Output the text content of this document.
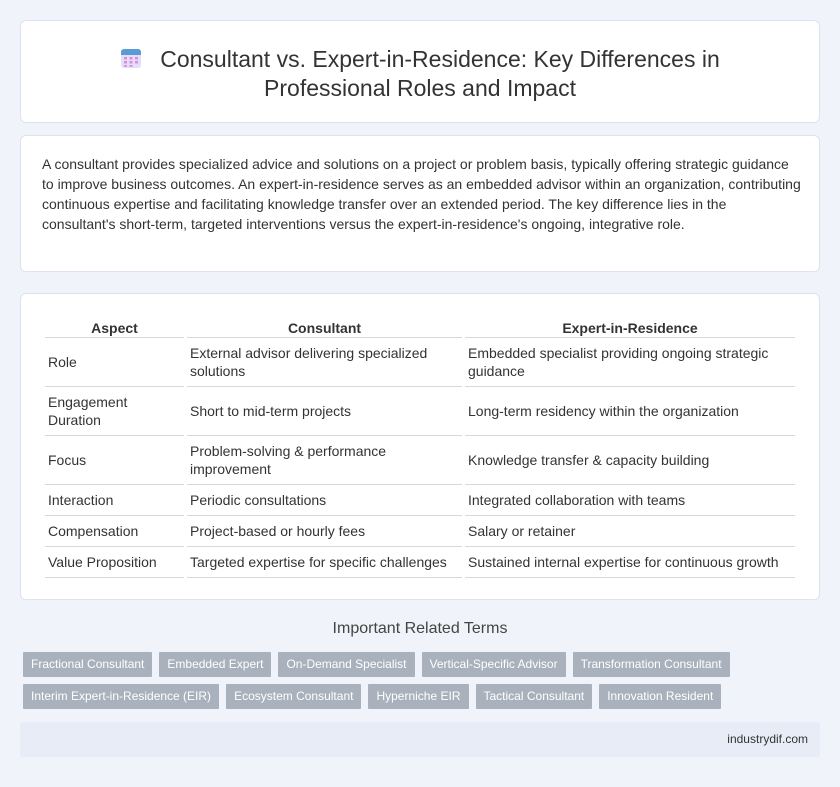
Consultant vs. Expert-in-Residence: Key Differences in
Professional Roles and Impact

A consultant provides specialized advice and solutions on a project or problem basis, typically offering strategic guidance to improve business outcomes. An expert-in-residence serves as an embedded advisor within an organization, contributing continuous expertise and facilitating knowledge transfer over an extended period. The key difference lies in the consultant's short-term, targeted interventions versus the expert-in-residence's ongoing, integrative role.

Aspect	Consultant	Expert-in-Residence
Role	External advisor delivering specialized solutions	Embedded specialist providing ongoing strategic guidance
Engagement Duration	Short to mid-term projects	Long-term residency within the organization
Focus	Problem-solving & performance improvement	Knowledge transfer & capacity building
Interaction	Periodic consultations	Integrated collaboration with teams
Compensation	Project-based or hourly fees	Salary or retainer
Value Proposition	Targeted expertise for specific challenges	Sustained internal expertise for continuous growth
Important Related Terms
Fractional Consultant	Embedded Expert	On-Demand Specialist	Vertical-Specific Advisor	Transformation Consultant
Interim Expert-in-Residence (EIR)	Ecosystem Consultant	Hyperniche EIR	Tactical Consultant	Innovation Resident
industrydif.com
